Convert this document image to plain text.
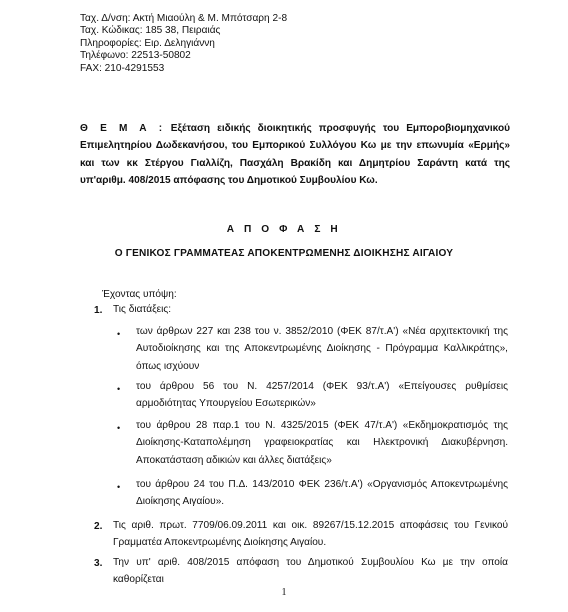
Ταχ. Δ/νση: Ακτή Μιαούλη & Μ. Μπότσαρη 2-8
Ταχ. Κώδικας: 185 38, Πειραιάς
Πληροφορίες: Ειρ. Δεληγιάννη
Τηλέφωνο: 22513-50802
FAX: 210-4291553
Θ Ε Μ Α : Εξέταση ειδικής διοικητικής προσφυγής του Εμπορoβιομηχανικού Επιμελητηρίου Δωδεκανήσου, του Εμπορικού Συλλόγου Κω με την επωνυμία «Ερμής» και των κκ Στέργου Γιαλλίζη, Πασχάλη Βρακίδη και Δημητρίου Σαράντη κατά της υπ'αριθμ. 408/2015 απόφασης του Δημοτικού Συμβουλίου Κω.
Α Π Ο Φ Α Σ Η
Ο ΓΕΝΙΚΟΣ ΓΡΑΜΜΑΤΕΑΣ ΑΠΟΚΕΝΤΡΩΜΕΝΗΣ ΔΙΟΙΚΗΣΗΣ ΑΙΓΑΙΟΥ
Έχοντας υπόψη:
1. Τις διατάξεις:
• των άρθρων 227 και 238 του ν. 3852/2010 (ΦΕΚ 87/τ.Α') «Νέα αρχιτεκτονική της Αυτοδιοίκησης και της Αποκεντρωμένης Διοίκησης - Πρόγραμμα Καλλικράτης», όπως ισχύουν
• του άρθρου 56 του Ν. 4257/2014 (ΦΕΚ 93/τ.Α') «Επείγουσες ρυθμίσεις αρμοδιότητας Υπουργείου Εσωτερικών»
• του άρθρου 28 παρ.1 του Ν. 4325/2015 (ΦΕΚ 47/τ.Α') «Εκδημοκρατισμός της Διοίκησης-Καταπολέμηση γραφειοκρατίας και Ηλεκτρονική Διακυβέρνηση. Αποκατάσταση αδικιών και άλλες διατάξεις»
• του άρθρου 24 του Π.Δ. 143/2010 ΦΕΚ 236/τ.Α') «Οργανισμός Αποκεντρωμένης Διοίκησης Αιγαίου».
2. Τις αριθ. πρωτ. 7709/06.09.2011 και οικ. 89267/15.12.2015 αποφάσεις του Γενικού Γραμματέα Αποκεντρωμένης Διοίκησης Αιγαίου.
3. Την υπ' αριθ. 408/2015 απόφαση του Δημοτικού Συμβουλίου Κω με την οποία καθορίζεται
1
